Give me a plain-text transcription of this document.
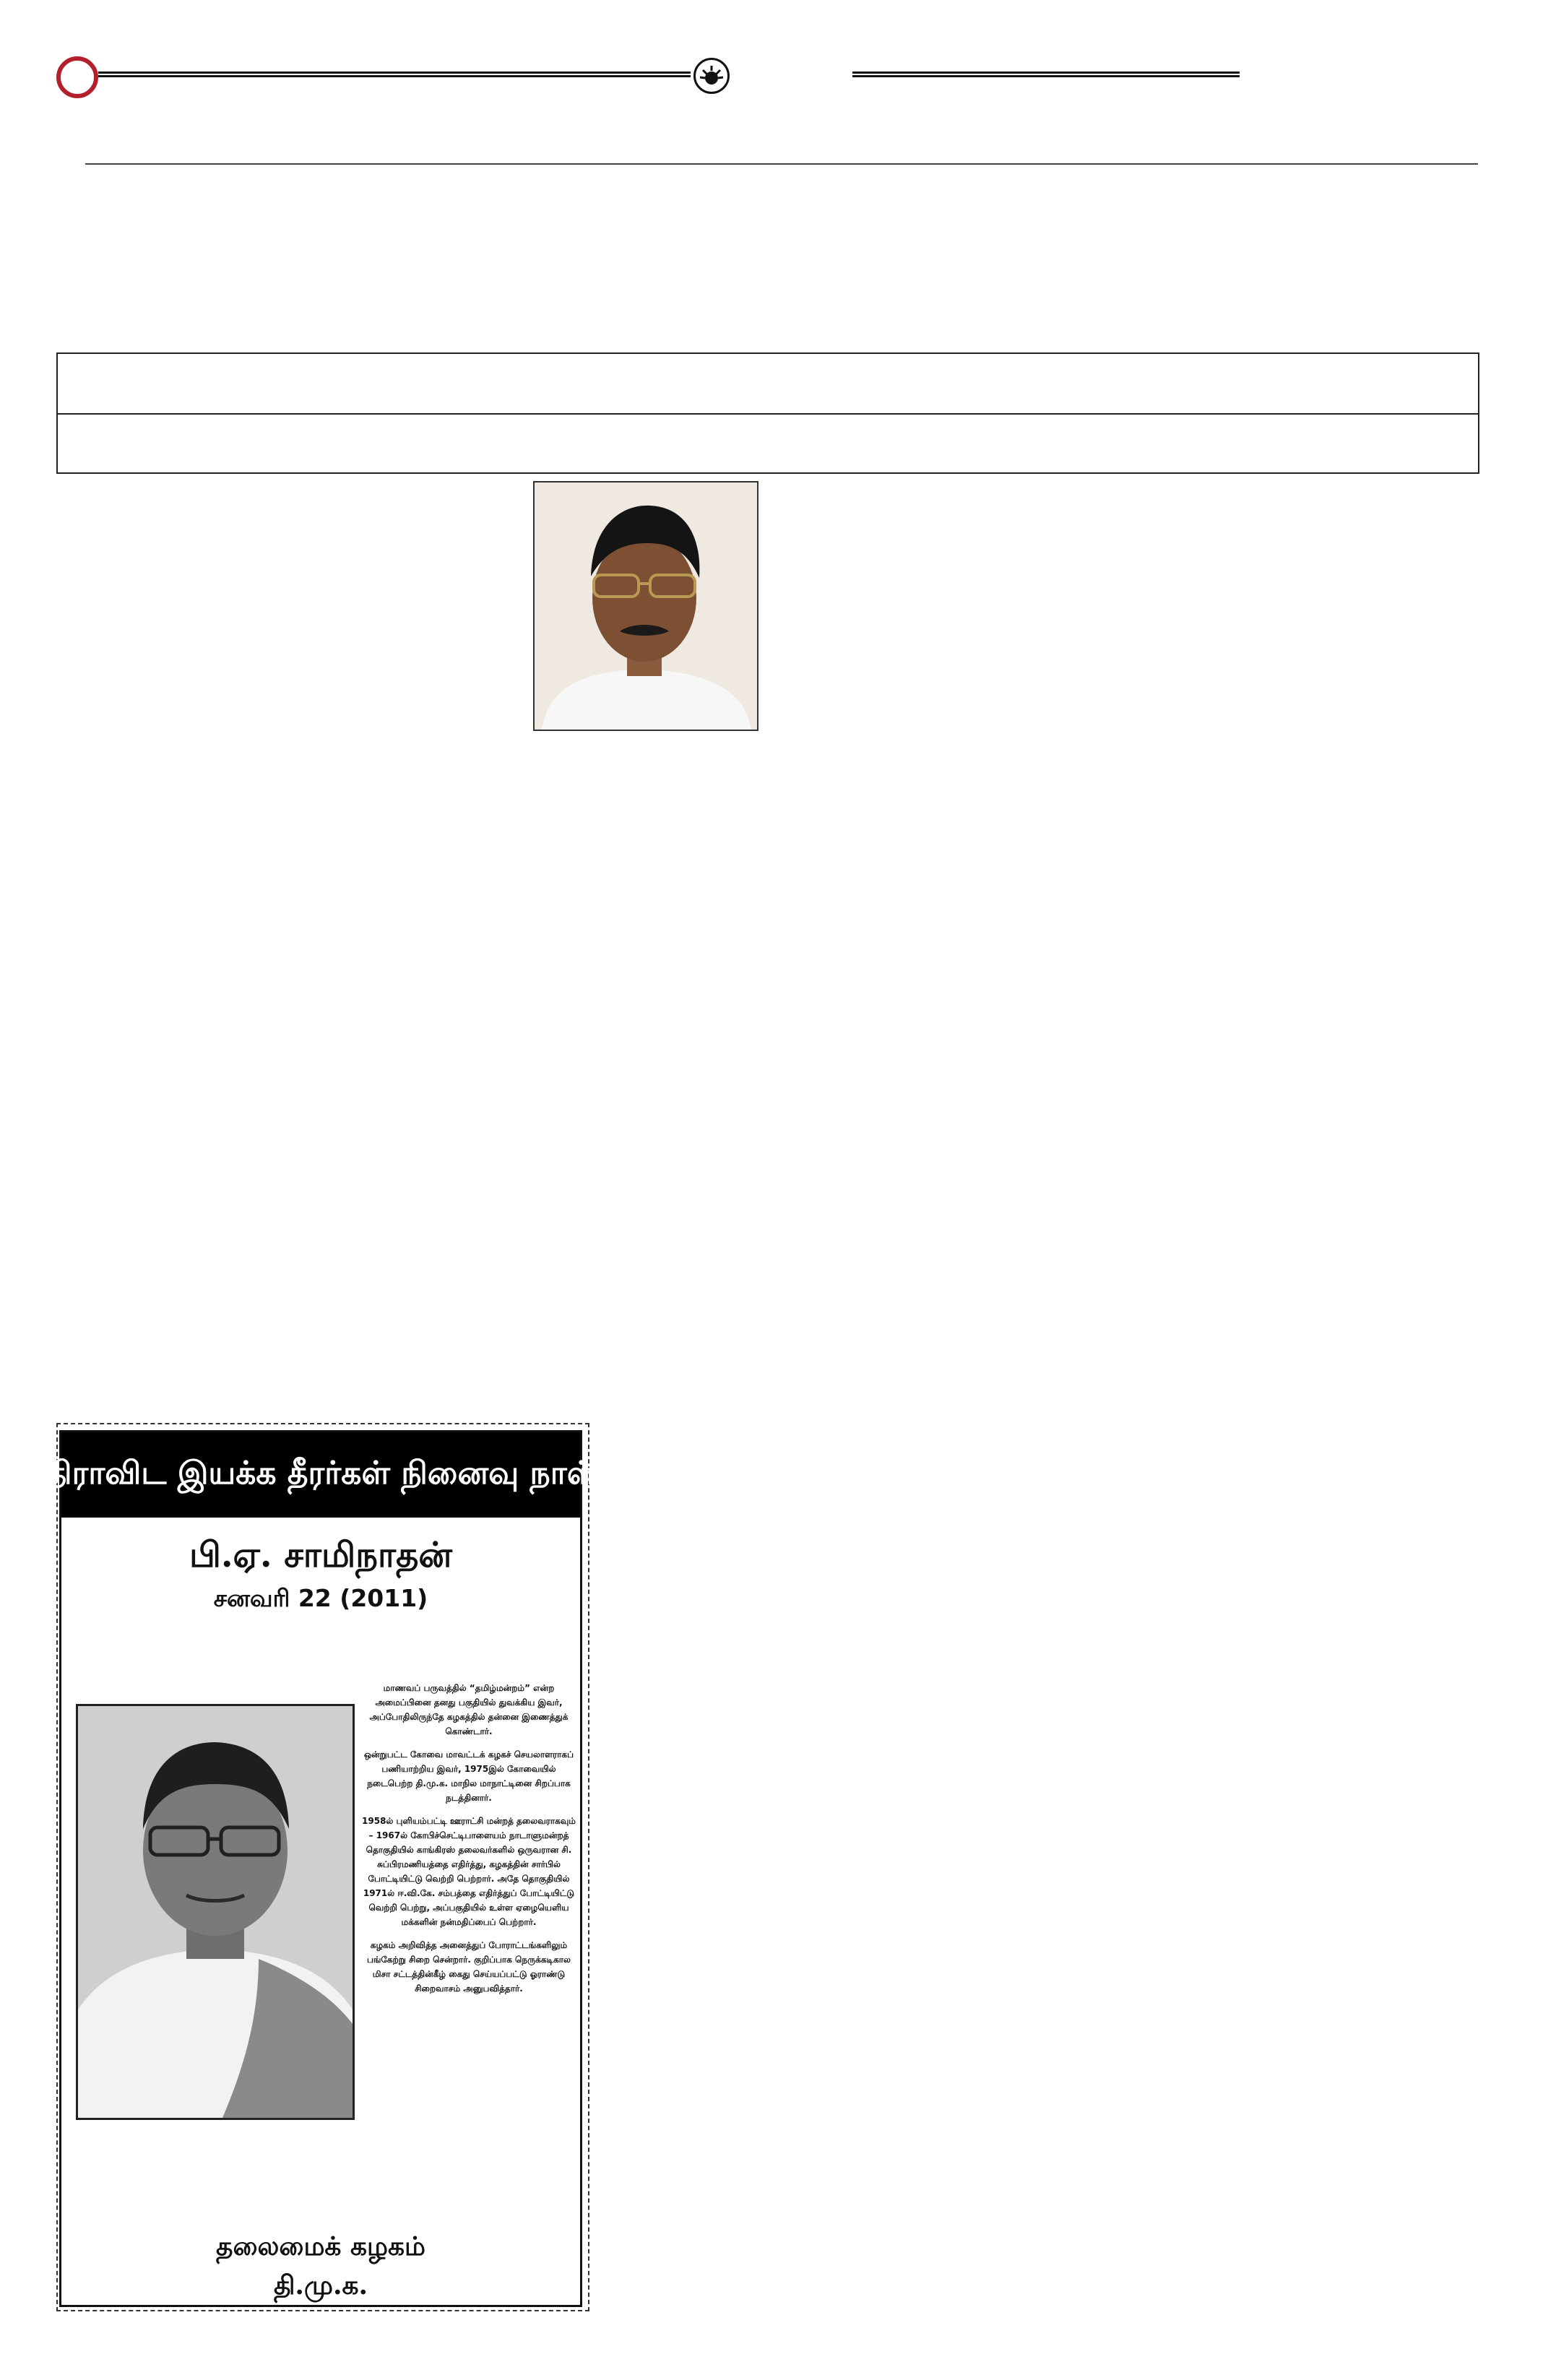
திராவிட இயக்க தீரர்கள் நினைவு நாள்
பி.ஏ. சாமிநாதன்
சனவரி 22 (2011)

மாணவப் பருவத்தில் “தமிழ்மன்றம்” என்ற அமைப்பினை தனது பகுதியில் துவக்கிய இவர், அப்போதிலிருந்தே கழகத்தில் தன்னை இணைத்துக் கொண்டார்.

ஒன்றுபட்ட கோவை மாவட்டக் கழகச் செயலாளராகப் பணியாற்றிய இவர், 1975இல் கோவையில் நடைபெற்ற தி.மு.க. மாநில மாநாட்டினை சிறப்பாக நடத்தினார்.

1958ல் புளியம்பட்டி ஊராட்சி மன்றத் தலைவராகவும் – 1967ல் கோபிச்செட்டிபாளையம் நாடாளுமன்றத் தொகுதியில் காங்கிரஸ் தலைவர்களில் ஒருவரான சி. சுப்பிரமணியத்தை எதிர்த்து, கழகத்தின் சார்பில் போட்டியிட்டு வெற்றி பெற்றார். அதே தொகுதியில் 1971ல் ஈ.வி.கே. சம்பத்தை எதிர்த்துப் போட்டியிட்டு வெற்றி பெற்று, அப்பகுதியில் உள்ள ஏழையெளிய மக்களின் நன்மதிப்பைப் பெற்றார்.

கழகம் அறிவித்த அனைத்துப் போராட்டங்களிலும் பங்கேற்று சிறை சென்றார். குறிப்பாக நெருக்கடிகால மிசா சட்டத்தின்கீழ் கைது செய்யப்பட்டு ஓராண்டு சிறைவாசம் அனுபவித்தார்.

தலைமைக் கழகம்
தி.மு.க.
